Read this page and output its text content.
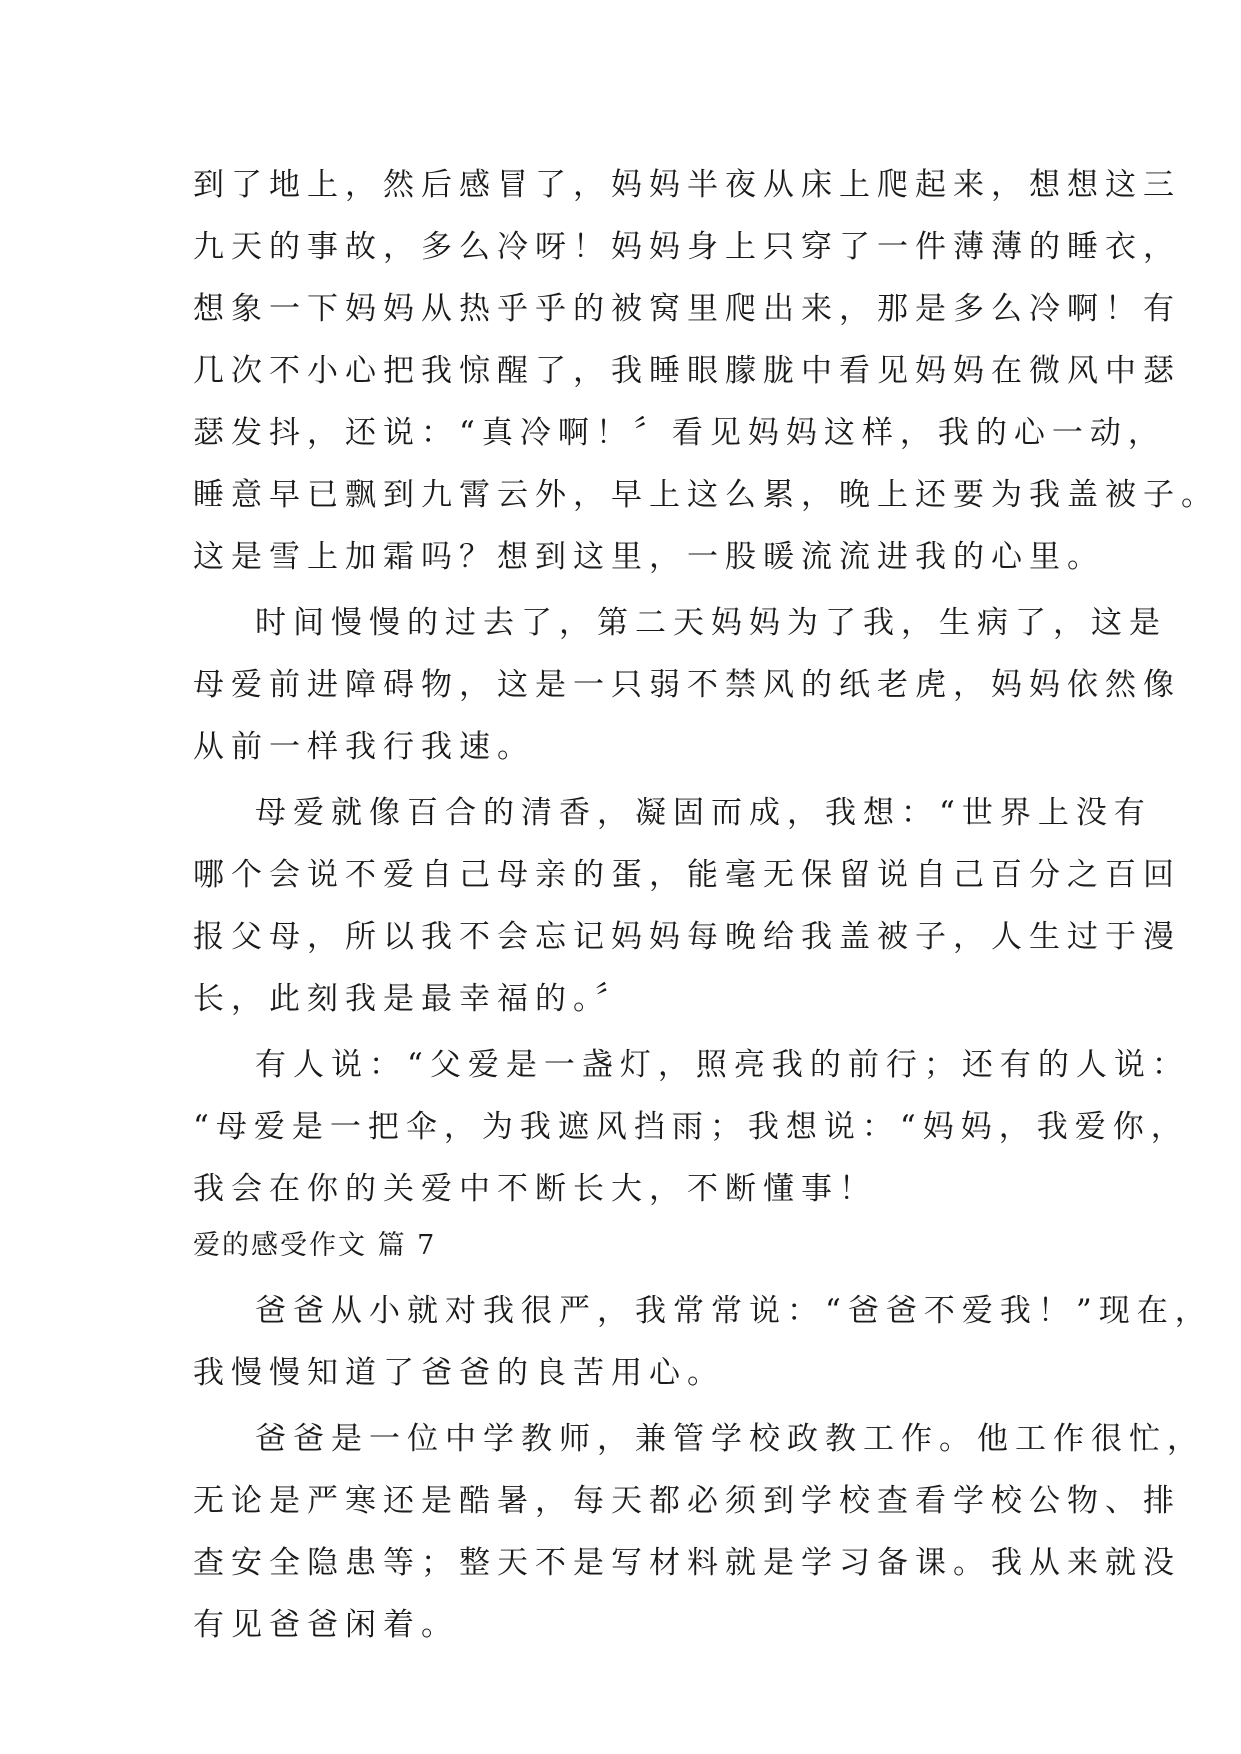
到了地上，然后感冒了，妈妈半夜从床上爬起来，想想这三
九天的事故，多么冷呀！妈妈身上只穿了一件薄薄的睡衣，
想象一下妈妈从热乎乎的被窝里爬出来，那是多么冷啊！有
几次不小心把我惊醒了，我睡眼朦胧中看见妈妈在微风中瑟
瑟发抖，还说：“真冷啊！〞看见妈妈这样，我的心一动，
睡意早已飘到九霄云外，早上这么累，晚上还要为我盖被子。
这是雪上加霜吗？想到这里，一股暖流流进我的心里。
时间慢慢的过去了，第二天妈妈为了我，生病了，这是
母爱前进障碍物，这是一只弱不禁风的纸老虎，妈妈依然像
从前一样我行我速。
母爱就像百合的清香，凝固而成，我想：“世界上没有
哪个会说不爱自己母亲的蛋，能毫无保留说自己百分之百回
报父母，所以我不会忘记妈妈每晚给我盖被子，人生过于漫
长，此刻我是最幸福的。〞
有人说：“父爱是一盏灯，照亮我的前行；还有的人说：
“母爱是一把伞，为我遮风挡雨；我想说：“妈妈，我爱你，
我会在你的关爱中不断长大，不断懂事！
爱的感受作文 篇 7
爸爸从小就对我很严，我常常说：“爸爸不爱我！”现在，
我慢慢知道了爸爸的良苦用心。
爸爸是一位中学教师，兼管学校政教工作。他工作很忙，
无论是严寒还是酷暑，每天都必须到学校查看学校公物、排
查安全隐患等；整天不是写材料就是学习备课。我从来就没
有见爸爸闲着。
